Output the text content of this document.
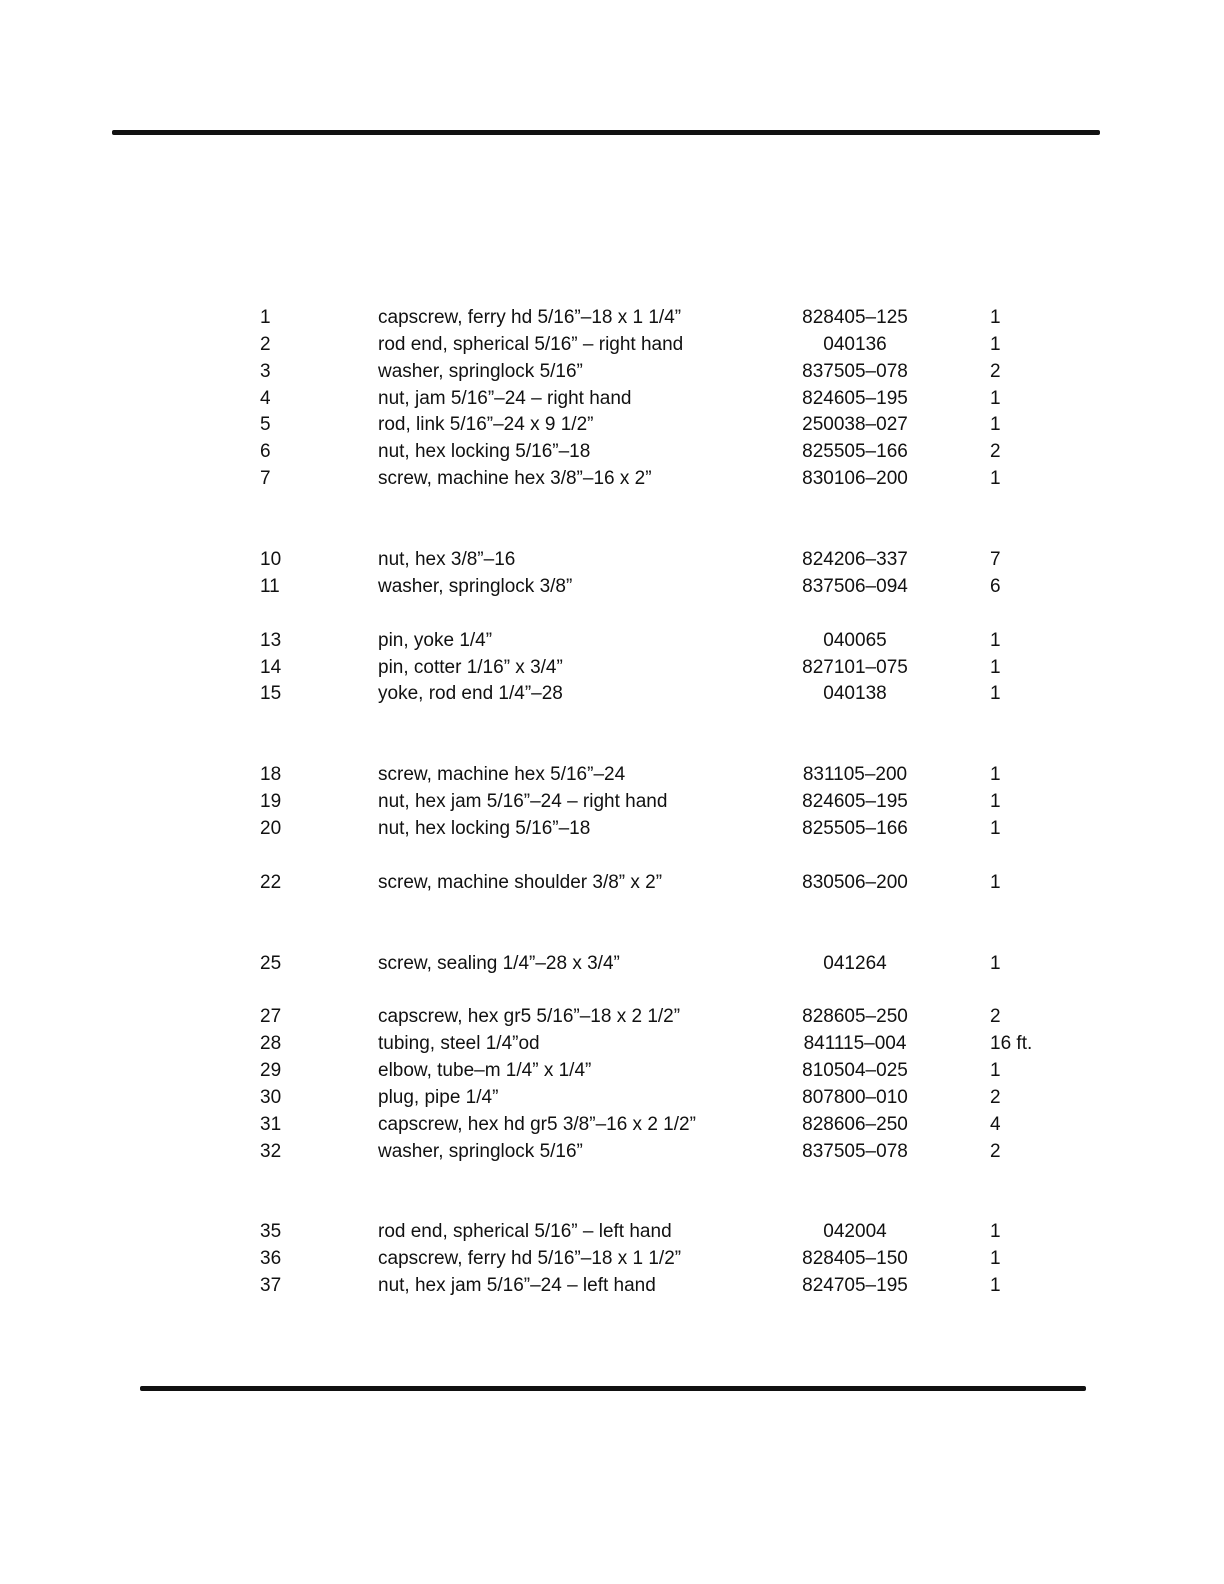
1	capscrew, ferry hd 5/16”–18 x 1 1/4”	828405–125	1
2	rod end, spherical 5/16” – right hand	040136	1
3	washer, springlock 5/16”	837505–078	2
4	nut, jam 5/16”–24 – right hand	824605–195	1
5	rod, link 5/16”–24 x 9 1/2”	250038–027	1
6	nut, hex locking 5/16”–18	825505–166	2
7	screw, machine hex 3/8”–16 x 2”	830106–200	1
10	nut, hex 3/8”–16	824206–337	7
11	washer, springlock 3/8”	837506–094	6
13	pin, yoke 1/4”	040065	1
14	pin, cotter 1/16” x 3/4”	827101–075	1
15	yoke, rod end 1/4”–28	040138	1
18	screw, machine hex 5/16”–24	831105–200	1
19	nut, hex jam 5/16”–24 – right hand	824605–195	1
20	nut, hex locking 5/16”–18	825505–166	1
22	screw, machine shoulder 3/8” x 2”	830506–200	1
25	screw, sealing 1/4”–28 x 3/4”	041264	1
27	capscrew, hex gr5 5/16”–18 x 2 1/2”	828605–250	2
28	tubing, steel 1/4”od	841115–004	16 ft.
29	elbow, tube–m 1/4” x 1/4”	810504–025	1
30	plug, pipe 1/4”	807800–010	2
31	capscrew, hex hd gr5 3/8”–16 x 2 1/2”	828606–250	4
32	washer, springlock 5/16”	837505–078	2
35	rod end, spherical 5/16” – left hand	042004	1
36	capscrew, ferry hd 5/16”–18 x 1 1/2”	828405–150	1
37	nut, hex jam 5/16”–24 – left hand	824705–195	1
